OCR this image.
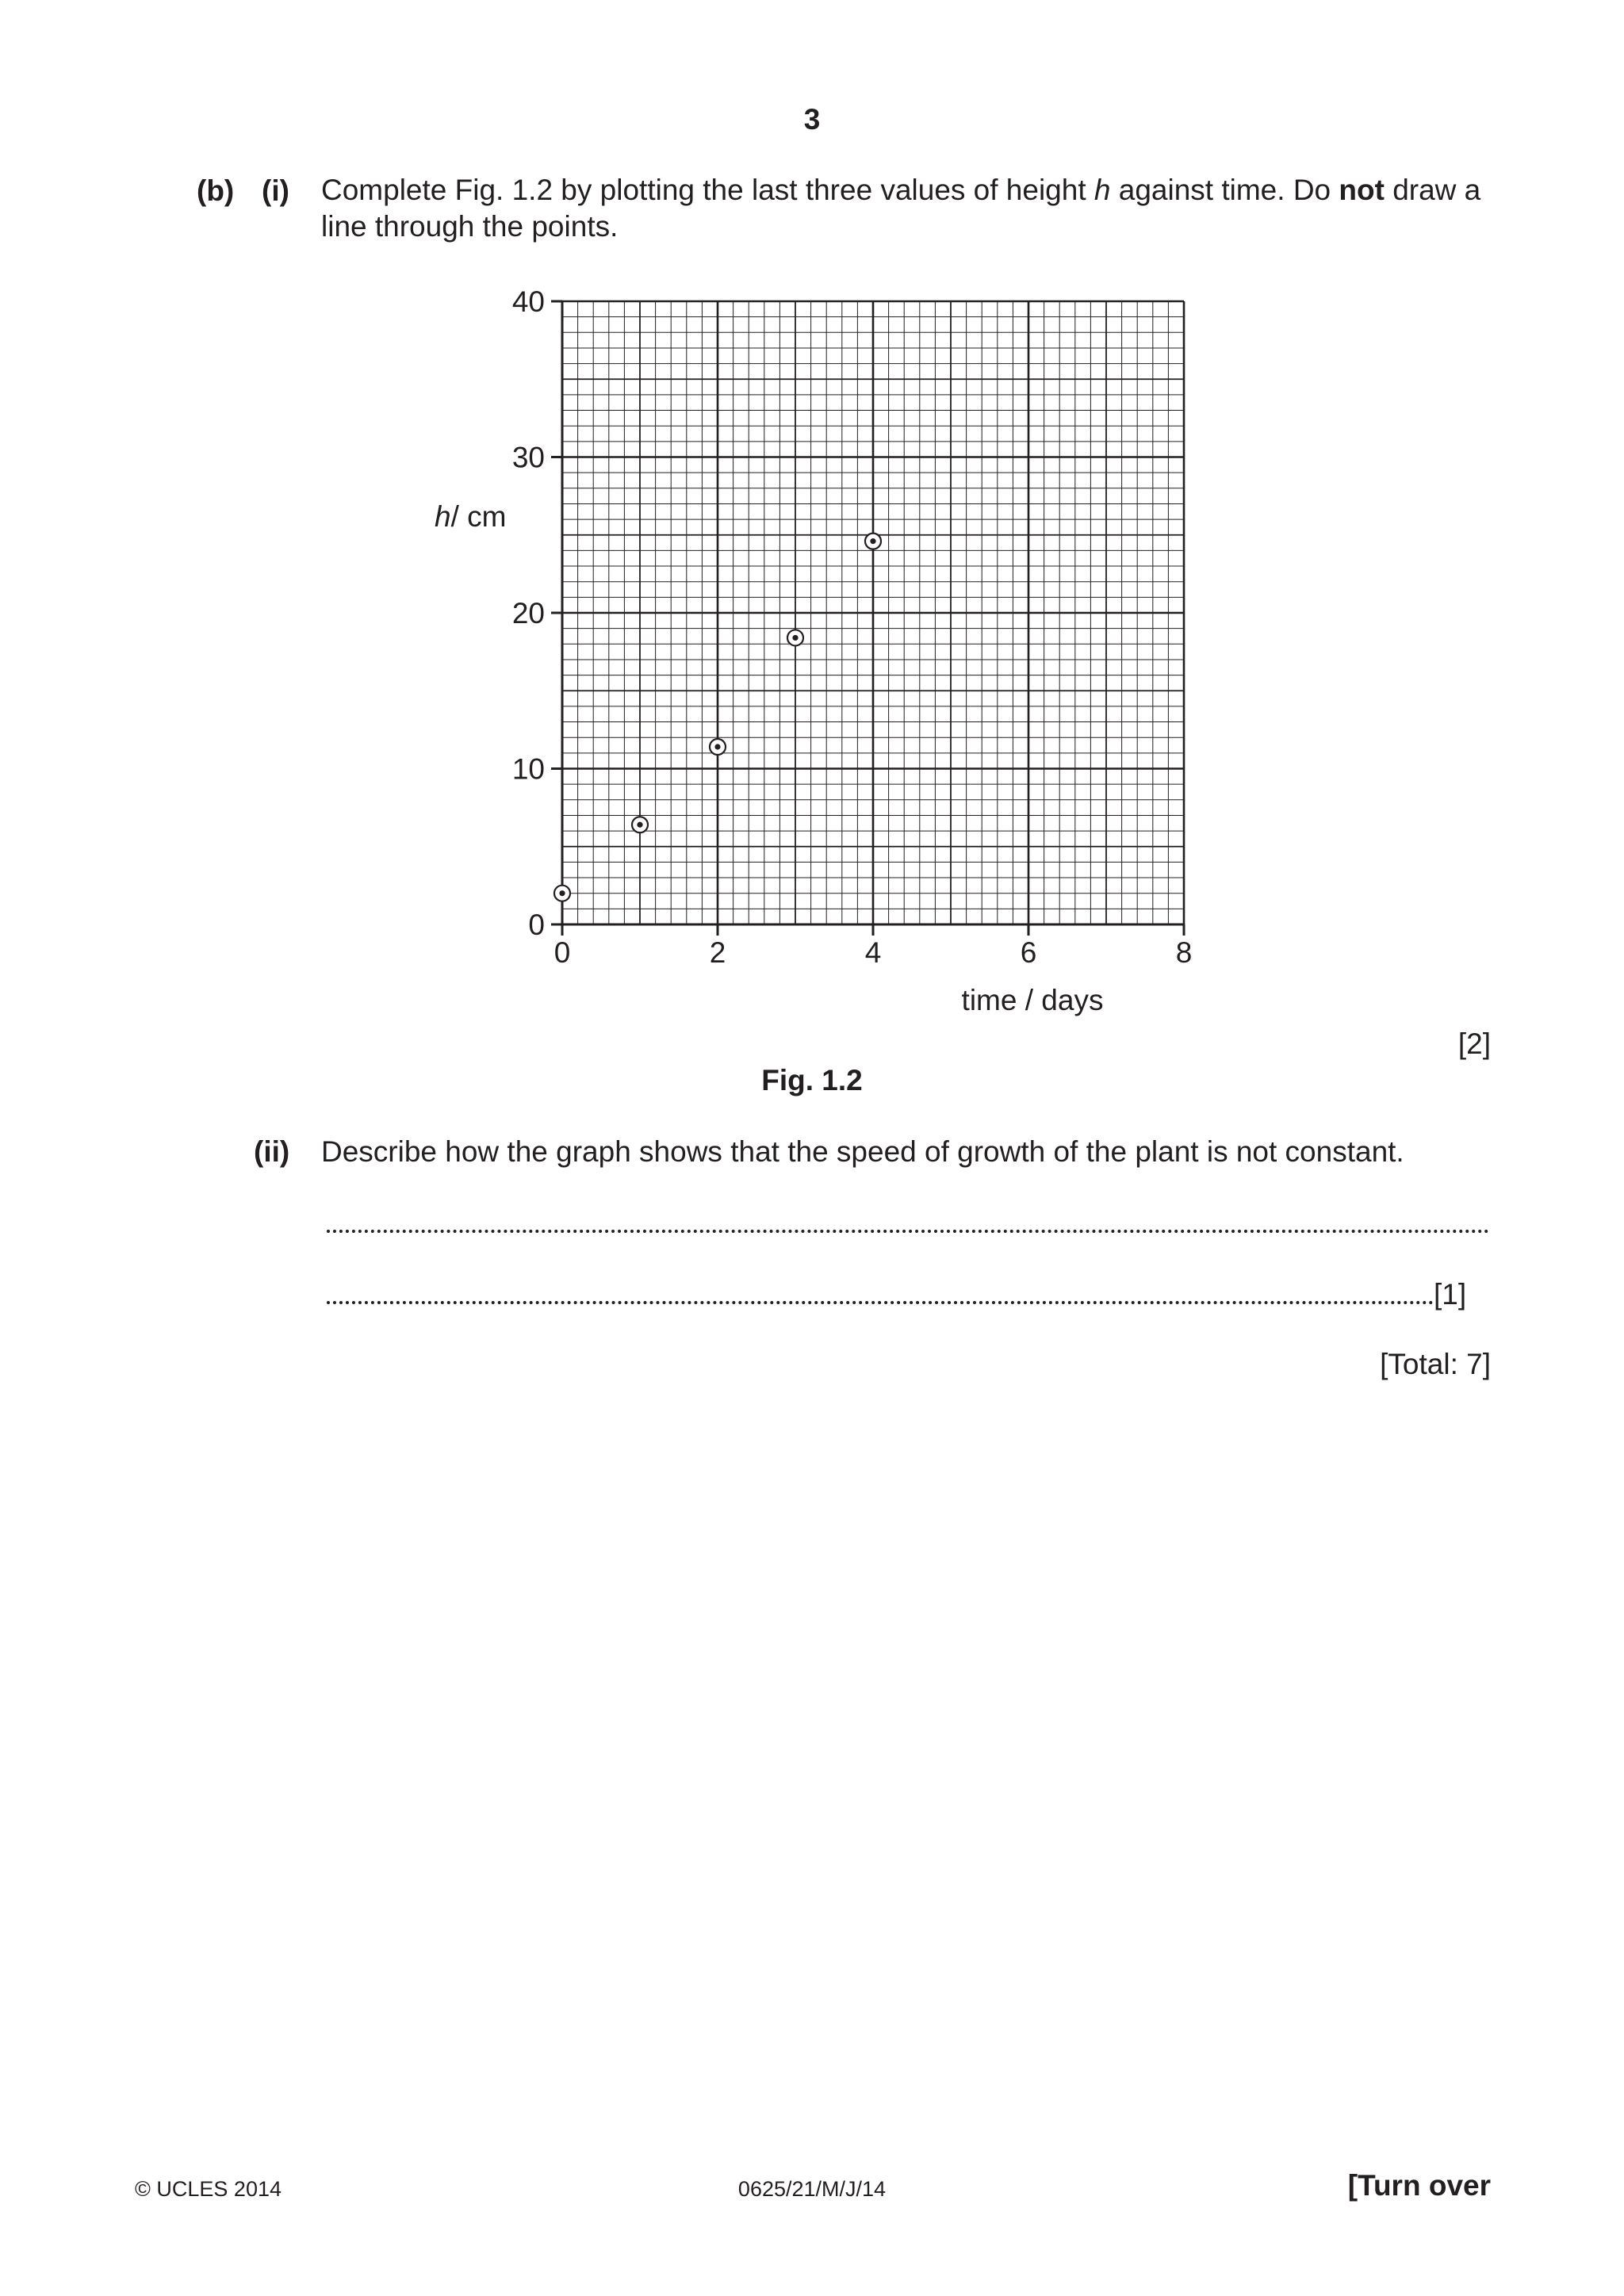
3
(b) (i) Complete Fig. 1.2 by plotting the last three values of height h against time. Do not draw a line through the points.
0
10
20
30
40
0	2	4	6	8
h/ cm
time / days
[2]
Fig. 1.2
(ii) Describe how the graph shows that the speed of growth of the plant is not constant.
[1]
[Total: 7]
© UCLES 2014	0625/21/M/J/14	[Turn over
